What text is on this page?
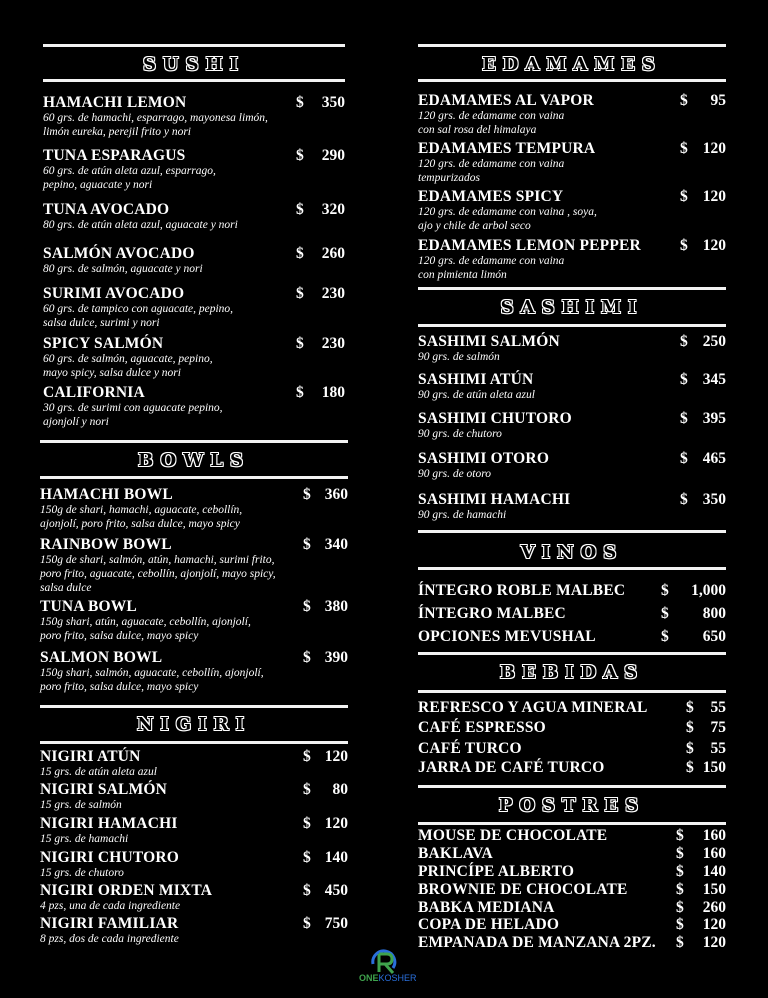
SUSHI
HAMACHI LEMON	$ 350
60 grs. de hamachi, esparrago, mayonesa limón,
limón eureka, perejil frito y nori
TUNA ESPARAGUS	$ 290
60 grs. de atún aleta azul, esparrago,
pepino, aguacate y nori
TUNA AVOCADO	$ 320
80 grs. de atún aleta azul, aguacate y nori
SALMÓN AVOCADO	$ 260
80 grs. de salmón, aguacate y nori
SURIMI AVOCADO	$ 230
60 grs. de tampico con aguacate, pepino,
salsa dulce, surimi y nori
SPICY SALMÓN	$ 230
60 grs. de salmón, aguacate, pepino,
mayo spicy, salsa dulce y nori
CALIFORNIA	$ 180
30 grs. de surimi con aguacate pepino,
ajonjolí y nori
BOWLS
HAMACHI BOWL	$ 360
150g de shari, hamachi, aguacate, cebollín,
ajonjolí, poro frito, salsa dulce, mayo spicy
RAINBOW BOWL	$ 340
150g de shari, salmón, atún, hamachi, surimi frito,
poro frito, aguacate, cebollín, ajonjolí, mayo spicy,
salsa dulce
TUNA BOWL	$ 380
150g shari, atún, aguacate, cebollín, ajonjolí,
poro frito, salsa dulce, mayo spicy
SALMON BOWL	$ 390
150g shari, salmón, aguacate, cebollín, ajonjolí,
poro frito, salsa dulce, mayo spicy
NIGIRI
NIGIRI ATÚN	$ 120
15 grs. de atún aleta azul
NIGIRI SALMÓN	$ 80
15 grs. de salmón
NIGIRI HAMACHI	$ 120
15 grs. de hamachi
NIGIRI CHUTORO	$ 140
15 grs. de chutoro
NIGIRI ORDEN MIXTA	$ 450
4 pzs, una de cada ingrediente
NIGIRI FAMILIAR	$ 750
8 pzs, dos de cada ingrediente
EDAMAMES
EDAMAMES AL VAPOR	$ 95
120 grs. de edamame con vaina
con sal rosa del himalaya
EDAMAMES TEMPURA	$ 120
120 grs. de edamame con vaina
tempurizados
EDAMAMES SPICY	$ 120
120 grs. de edamame con vaina , soya,
ajo y chile de arbol seco
EDAMAMES LEMON PEPPER	$ 120
120 grs. de edamame con vaina
con pimienta limón
SASHIMI
SASHIMI SALMÓN	$ 250
90 grs. de salmón
SASHIMI ATÚN	$ 345
90 grs. de atún aleta azul
SASHIMI CHUTORO	$ 395
90 grs. de chutoro
SASHIMI OTORO	$ 465
90 grs. de otoro
SASHIMI HAMACHI	$ 350
90 grs. de hamachi
VINOS
ÍNTEGRO ROBLE MALBEC $ 1,000
ÍNTEGRO MALBEC	$ 800
OPCIONES MEVUSHAL	$ 650
BEBIDAS
REFRESCO Y AGUA MINERAL $ 55
CAFÉ ESPRESSO	$ 75
CAFÉ TURCO	$ 55
JARRA DE CAFÉ TURCO	$ 150
POSTRES
MOUSE DE CHOCOLATE	$ 160
BAKLAVA	$ 160
PRINCÍPE ALBERTO	$ 140
BROWNIE DE CHOCOLATE	$ 150
BABKA MEDIANA	$ 260
COPA DE HELADO	$ 120
EMPANADA DE MANZANA 2PZ. $ 120
ONEKOSHER
